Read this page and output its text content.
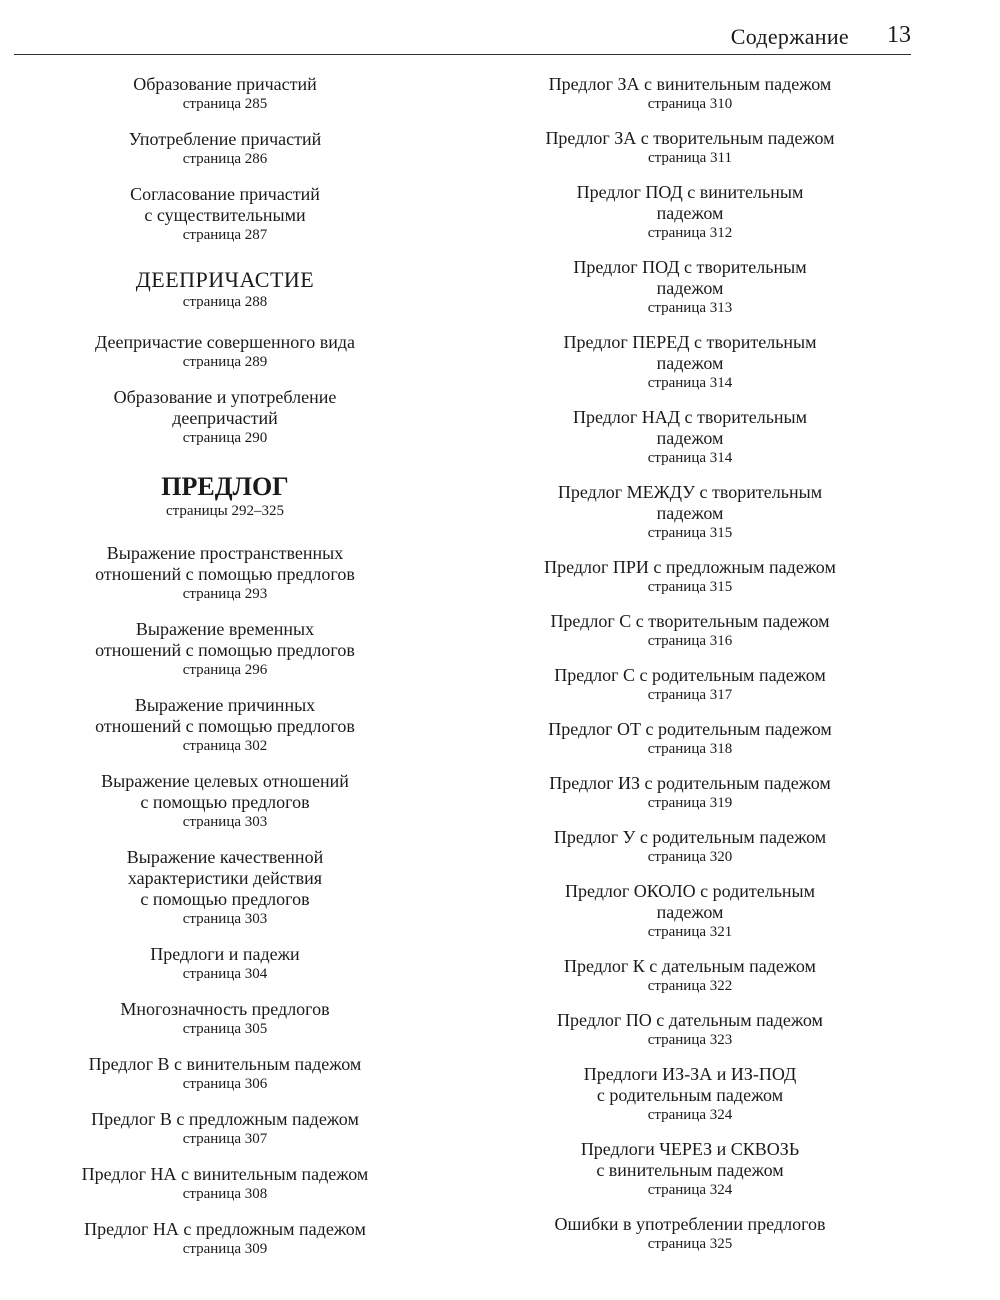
Содержание 13
Образование причастий
страница 285
Употребление причастий
страница 286
Согласование причастий
с существительными
страница 287
ДЕЕПРИЧАСТИЕ
страница 288
Деепричастие совершенного вида
страница 289
Образование и употребление
деепричастий
страница 290
ПРЕДЛОГ
страницы 292–325
Выражение пространственных
отношений с помощью предлогов
страница 293
Выражение временных
отношений с помощью предлогов
страница 296
Выражение причинных
отношений с помощью предлогов
страница 302
Выражение целевых отношений
с помощью предлогов
страница 303
Выражение качественной
характеристики действия
с помощью предлогов
страница 303
Предлоги и падежи
страница 304
Многозначность предлогов
страница 305
Предлог В с винительным падежом
страница 306
Предлог В с предложным падежом
страница 307
Предлог НА с винительным падежом
страница 308
Предлог НА с предложным падежом
страница 309
Предлог ЗА с винительным падежом
страница 310
Предлог ЗА с творительным падежом
страница 311
Предлог ПОД с винительным
падежом
страница 312
Предлог ПОД с творительным
падежом
страница 313
Предлог ПЕРЕД с творительным
падежом
страница 314
Предлог НАД с творительным
падежом
страница 314
Предлог МЕЖДУ с творительным
падежом
страница 315
Предлог ПРИ с предложным падежом
страница 315
Предлог С с творительным падежом
страница 316
Предлог С с родительным падежом
страница 317
Предлог ОТ с родительным падежом
страница 318
Предлог ИЗ с родительным падежом
страница 319
Предлог У с родительным падежом
страница 320
Предлог ОКОЛО с родительным
падежом
страница 321
Предлог К с дательным падежом
страница 322
Предлог ПО с дательным падежом
страница 323
Предлоги ИЗ-ЗА и ИЗ-ПОД
с родительным падежом
страница 324
Предлоги ЧЕРЕЗ и СКВОЗЬ
с винительным падежом
страница 324
Ошибки в употреблении предлогов
страница 325
